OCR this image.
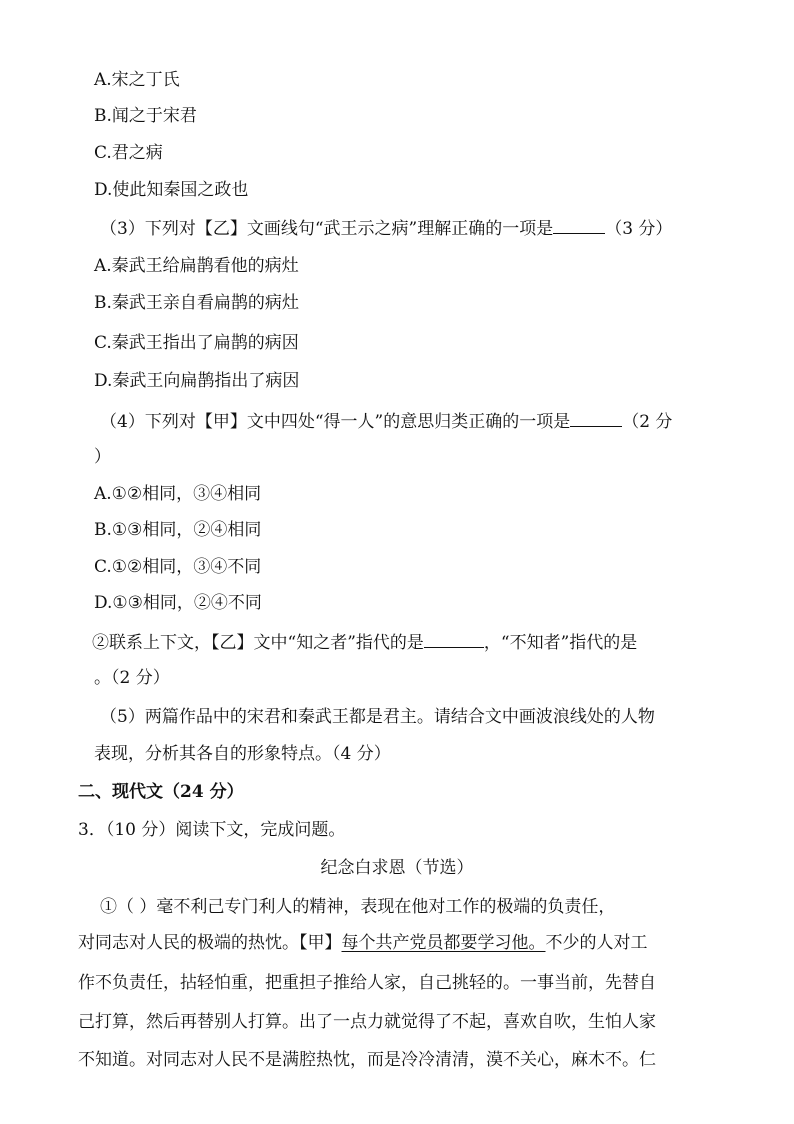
A.宋之丁氏
B.闻之于宋君
C.君之病
D.使此知秦国之政也
（3）下列对【乙】文画线句“武王示之病”理解正确的一项是	（3 分）
A.秦武王给扁鹊看他的病灶
B.秦武王亲自看扁鹊的病灶
C.秦武王指出了扁鹊的病因
D.秦武王向扁鹊指出了病因
（4）下列对【甲】文中四处“得一人”的意思归类正确的一项是	（2 分
）
A.①②相同，③④相同
B.①③相同，②④相同
C.①②相同，③④不同
D.①③相同，②④不同
②联系上下文，【乙】文中“知之者”指代的是	，“不知者”指代的是
。（2 分）
（5）两篇作品中的宋君和秦武王都是君主。请结合文中画波浪线处的人物
表现，分析其各自的形象特点。（4 分）
二、现代文（24 分）
3．（10 分）阅读下文，完成问题。
纪念白求恩（节选）
①（ ）毫不利己专门利人的精神，表现在他对工作的极端的负责任，
对同志对人民的极端的热忱。【甲】每个共产党员都要学习他。不少的人对工
作不负责任，拈轻怕重，把重担子推给人家，自己挑轻的。一事当前，先替自
己打算，然后再替别人打算。出了一点力就觉得了不起，喜欢自吹，生怕人家
不知道。对同志对人民不是满腔热忱，而是冷冷清清，漠不关心，麻木不。仁
